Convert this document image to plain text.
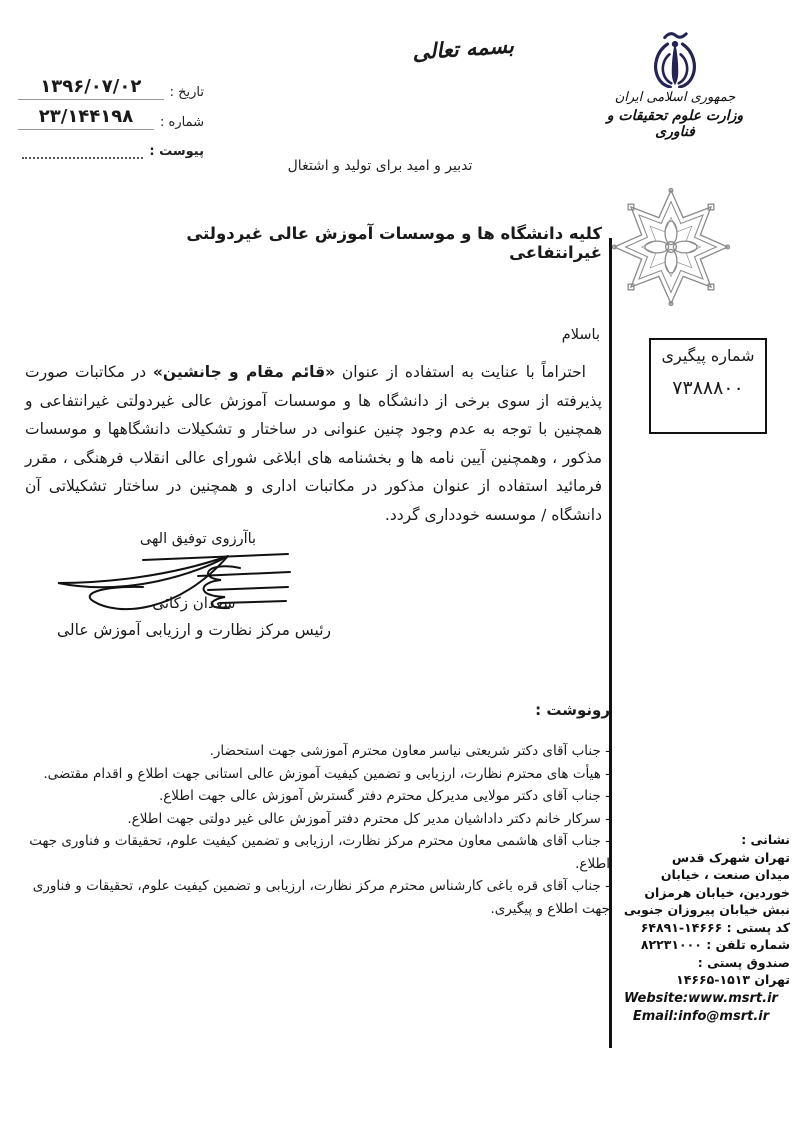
تاریخ :
۱۳۹۶/۰۷/۰۲
شماره :
۲۳/۱۴۴۱۹۸
پیوست :
بسمه تعالی
جمهوری اسلامی ایران
وزارت علوم تحقیقات و فناوری
تدبیر و امید برای تولید و اشتغال
کلیه دانشگاه ها و موسسات آموزش عالی غیردولتی غیرانتفاعی
شماره پیگیری
۷۳۸۸۸۰۰
باسلام
احتراماً با عنایت به استفاده از عنوان «قائم مقام و جانشین» در مکاتبات صورت پذیرفته از سوی برخی از دانشگاه ها و موسسات آموزش عالی غیردولتی غیرانتفاعی و همچنین با توجه به عدم وجود چنین عنوانی در ساختار و تشکیلات دانشگاهها و موسسات مذکور ، وهمچنین آیین نامه ها و بخشنامه های ابلاغی شورای عالی انقلاب فرهنگی ، مقرر فرمائید استفاده از عنوان مذکور در مکاتبات اداری و همچنین در ساختار تشکیلاتی آن دانشگاه / موسسه خودداری گردد.
باآرزوی توفیق الهی
سعدان زکائی
رئیس مرکز نظارت و ارزیابی آموزش عالی
رونوشت :
- جناب آقای دکتر شریعتی نیاسر معاون محترم آموزشی جهت استحضار.
- هیأت های محترم نظارت، ارزیابی و تضمین کیفیت آموزش عالی استانی جهت اطلاع و اقدام مقتضی.
- جناب آقای دکتر مولایی مدیرکل محترم دفتر گسترش آموزش عالی جهت اطلاع.
- سرکار خانم دکتر داداشیان مدیر کل محترم دفتر آموزش عالی غیر دولتی جهت اطلاع.
- جناب آقای هاشمی معاون محترم مرکز نظارت، ارزیابی و تضمین کیفیت علوم، تحقیقات و فناوری جهت اطلاع.
- جناب آقای قره باغی کارشناس محترم مرکز نظارت، ارزیابی و تضمین کیفیت علوم، تحقیقات و فناوری جهت اطلاع و پیگیری.
نشانی :
تهران شهرک قدس
میدان صنعت ، خیابان
خوردین، خیابان هرمزان
نبش خیابان پیروزان جنوبی
کد پستی : ۱۴۶۶۶-۶۴۸۹۱
شماره تلفن : ۸۲۲۳۱۰۰۰
صندوق پستی :
تهران ۱۵۱۳-۱۴۶۶۵
Website:www.msrt.ir
Email:info@msrt.ir
